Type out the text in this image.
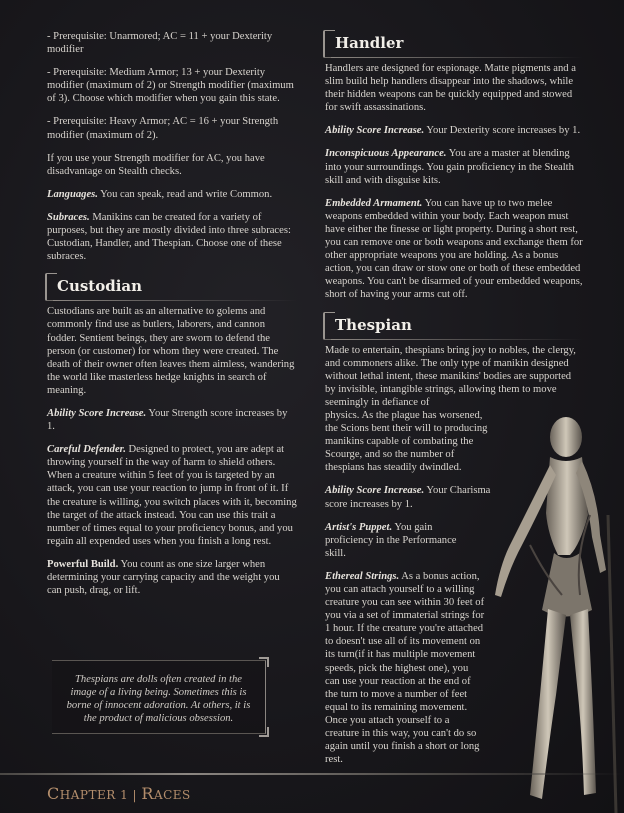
- Prerequisite: Unarmored; AC = 11 + your Dexterity modifier

- Prerequisite: Medium Armor; 13 + your Dexterity modifier (maximum of 2) or Strength modifier (maximum of 3). Choose which modifier when you gain this state.

- Prerequisite: Heavy Armor; AC = 16 + your Strength modifier (maximum of 2).

If you use your Strength modifier for AC, you have disadvantage on Stealth checks.

Languages. You can speak, read and write Common.

Subraces. Manikins can be created for a variety of purposes, but they are mostly divided into three subraces: Custodian, Handler, and Thespian. Choose one of these subraces.

Custodian

Custodians are built as an alternative to golems and commonly find use as butlers, laborers, and cannon fodder. Sentient beings, they are sworn to defend the person (or customer) for whom they were created. The death of their owner often leaves them aimless, wandering the world like masterless hedge knights in search of meaning.

Ability Score Increase. Your Strength score increases by 1.

Careful Defender. Designed to protect, you are adept at throwing yourself in the way of harm to shield others. When a creature within 5 feet of you is targeted by an attack, you can use your reaction to jump in front of it. If the creature is willing, you switch places with it, becoming the target of the attack instead. You can use this trait a number of times equal to your proficiency bonus, and you regain all expended uses when you finish a long rest.

Powerful Build. You count as one size larger when determining your carrying capacity and the weight you can push, drag, or lift.

Thespians are dolls often created in the image of a living being. Sometimes this is borne of innocent adoration. At others, it is the product of malicious obsession.
Handler

Handlers are designed for espionage. Matte pigments and a slim build help handlers disappear into the shadows, while their hidden weapons can be quickly equipped and stowed for swift assassinations.

Ability Score Increase. Your Dexterity score increases by 1.

Inconspicuous Appearance. You are a master at blending into your surroundings. You gain proficiency in the Stealth skill and with disguise kits.

Embedded Armament. You can have up to two melee weapons embedded within your body. Each weapon must have either the finesse or light property. During a short rest, you can remove one or both weapons and exchange them for other appropriate weapons you are holding. As a bonus action, you can draw or stow one or both of these embedded weapons. You can't be disarmed of your embedded weapons, short of having your arms cut off.

Thespian

Made to entertain, thespians bring joy to nobles, the clergy, and commoners alike. The only type of manikin designed without lethal intent, these manikins' bodies are supported by invisible, intangible strings, allowing them to move seemingly in defiance of

physics. As the plague has worsened, the Scions bent their will to producing manikins capable of combating the Scourge, and so the number of thespians has steadily dwindled.

Ability Score Increase. Your Charisma score increases by 1.

Artist's Puppet. You gain proficiency in the Performance skill.

Ethereal Strings. As a bonus action, you can attach yourself to a willing creature you can see within 30 feet of you via a set of immaterial strings for 1 hour. If the creature you're attached to doesn't use all of its movement on its turn(if it has multiple movement speeds, pick the highest one), you can use your reaction at the end of the turn to move a number of feet equal to its remaining movement. Once you attach yourself to a creature in this way, you can't do so again until you finish a short or long rest.

CHAPTER 1 | RACES
